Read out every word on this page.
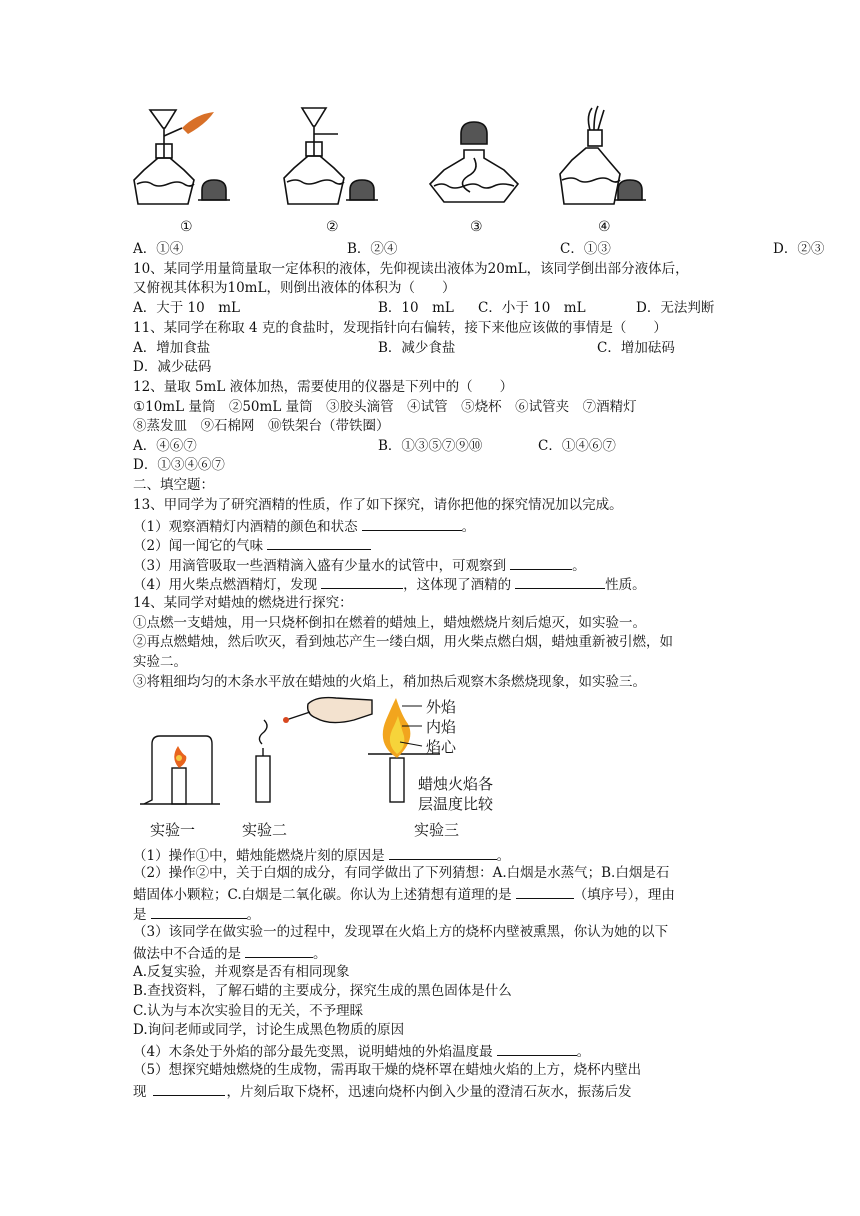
①	②	③	④
A．①④	B．②④	C．①③	D．②③
10、某同学用量筒量取一定体积的液体，先仰视读出液体为20mL，该同学倒出部分液体后，
又俯视其体积为10mL，则倒出液体的体积为（　　）
A．大于 10　mL	B．10　mL C．小于 10　mL	D．无法判断
11、某同学在称取 4 克的食盐时，发现指针向右偏转，接下来他应该做的事情是（　　）
A．增加食盐	B．减少食盐	C．增加砝码
D．减少砝码
12、量取 5mL 液体加热，需要使用的仪器是下列中的（　　）
①10mL 量筒　②50mL 量筒　③胶头滴管　④试管　⑤烧杯　⑥试管夹　⑦酒精灯
⑧蒸发皿　⑨石棉网　⑩铁架台（带铁圈）
A．④⑥⑦	B．①③⑤⑦⑨⑩	C．①④⑥⑦
D．①③④⑥⑦
二、填空题：
13、甲同学为了研究酒精的性质，作了如下探究，请你把他的探究情况加以完成。
（1）观察酒精灯内酒精的颜色和状态	。
（2）闻一闻它的气味
（3）用滴管吸取一些酒精滴入盛有少量水的试管中，可观察到	。
（4）用火柴点燃酒精灯，发现	，这体现了酒精的	性质。
14、某同学对蜡烛的燃烧进行探究：
①点燃一支蜡烛，用一只烧杯倒扣在燃着的蜡烛上，蜡烛燃烧片刻后熄灭，如实验一。
②再点燃蜡烛，然后吹灭，看到烛芯产生一缕白烟，用火柴点燃白烟，蜡烛重新被引燃，如
实验二。
③将粗细均匀的木条水平放在蜡烛的火焰上，稍加热后观察木条燃烧现象，如实验三。
外焰
内焰
焰心
蜡烛火焰各
层温度比较
实验一	实验二	实验三
（1）操作①中，蜡烛能燃烧片刻的原因是	。
（2）操作②中，关于白烟的成分，有同学做出了下列猜想：A.白烟是水蒸气；B.白烟是石
蜡固体小颗粒；C.白烟是二氧化碳。你认为上述猜想有道理的是	（填序号），理由
是	。
（3）该同学在做实验一的过程中，发现罩在火焰上方的烧杯内壁被熏黑，你认为她的以下
做法中不合适的是	。
A.反复实验，并观察是否有相同现象
B.查找资料，了解石蜡的主要成分，探究生成的黑色固体是什么
C.认为与本次实验目的无关，不予理睬
D.询问老师或同学，讨论生成黑色物质的原因
（4）木条处于外焰的部分最先变黑，说明蜡烛的外焰温度最	。
（5）想探究蜡烛燃烧的生成物，需再取干燥的烧杯罩在蜡烛火焰的上方，烧杯内壁出
现	，片刻后取下烧杯，迅速向烧杯内倒入少量的澄清石灰水，振荡后发
